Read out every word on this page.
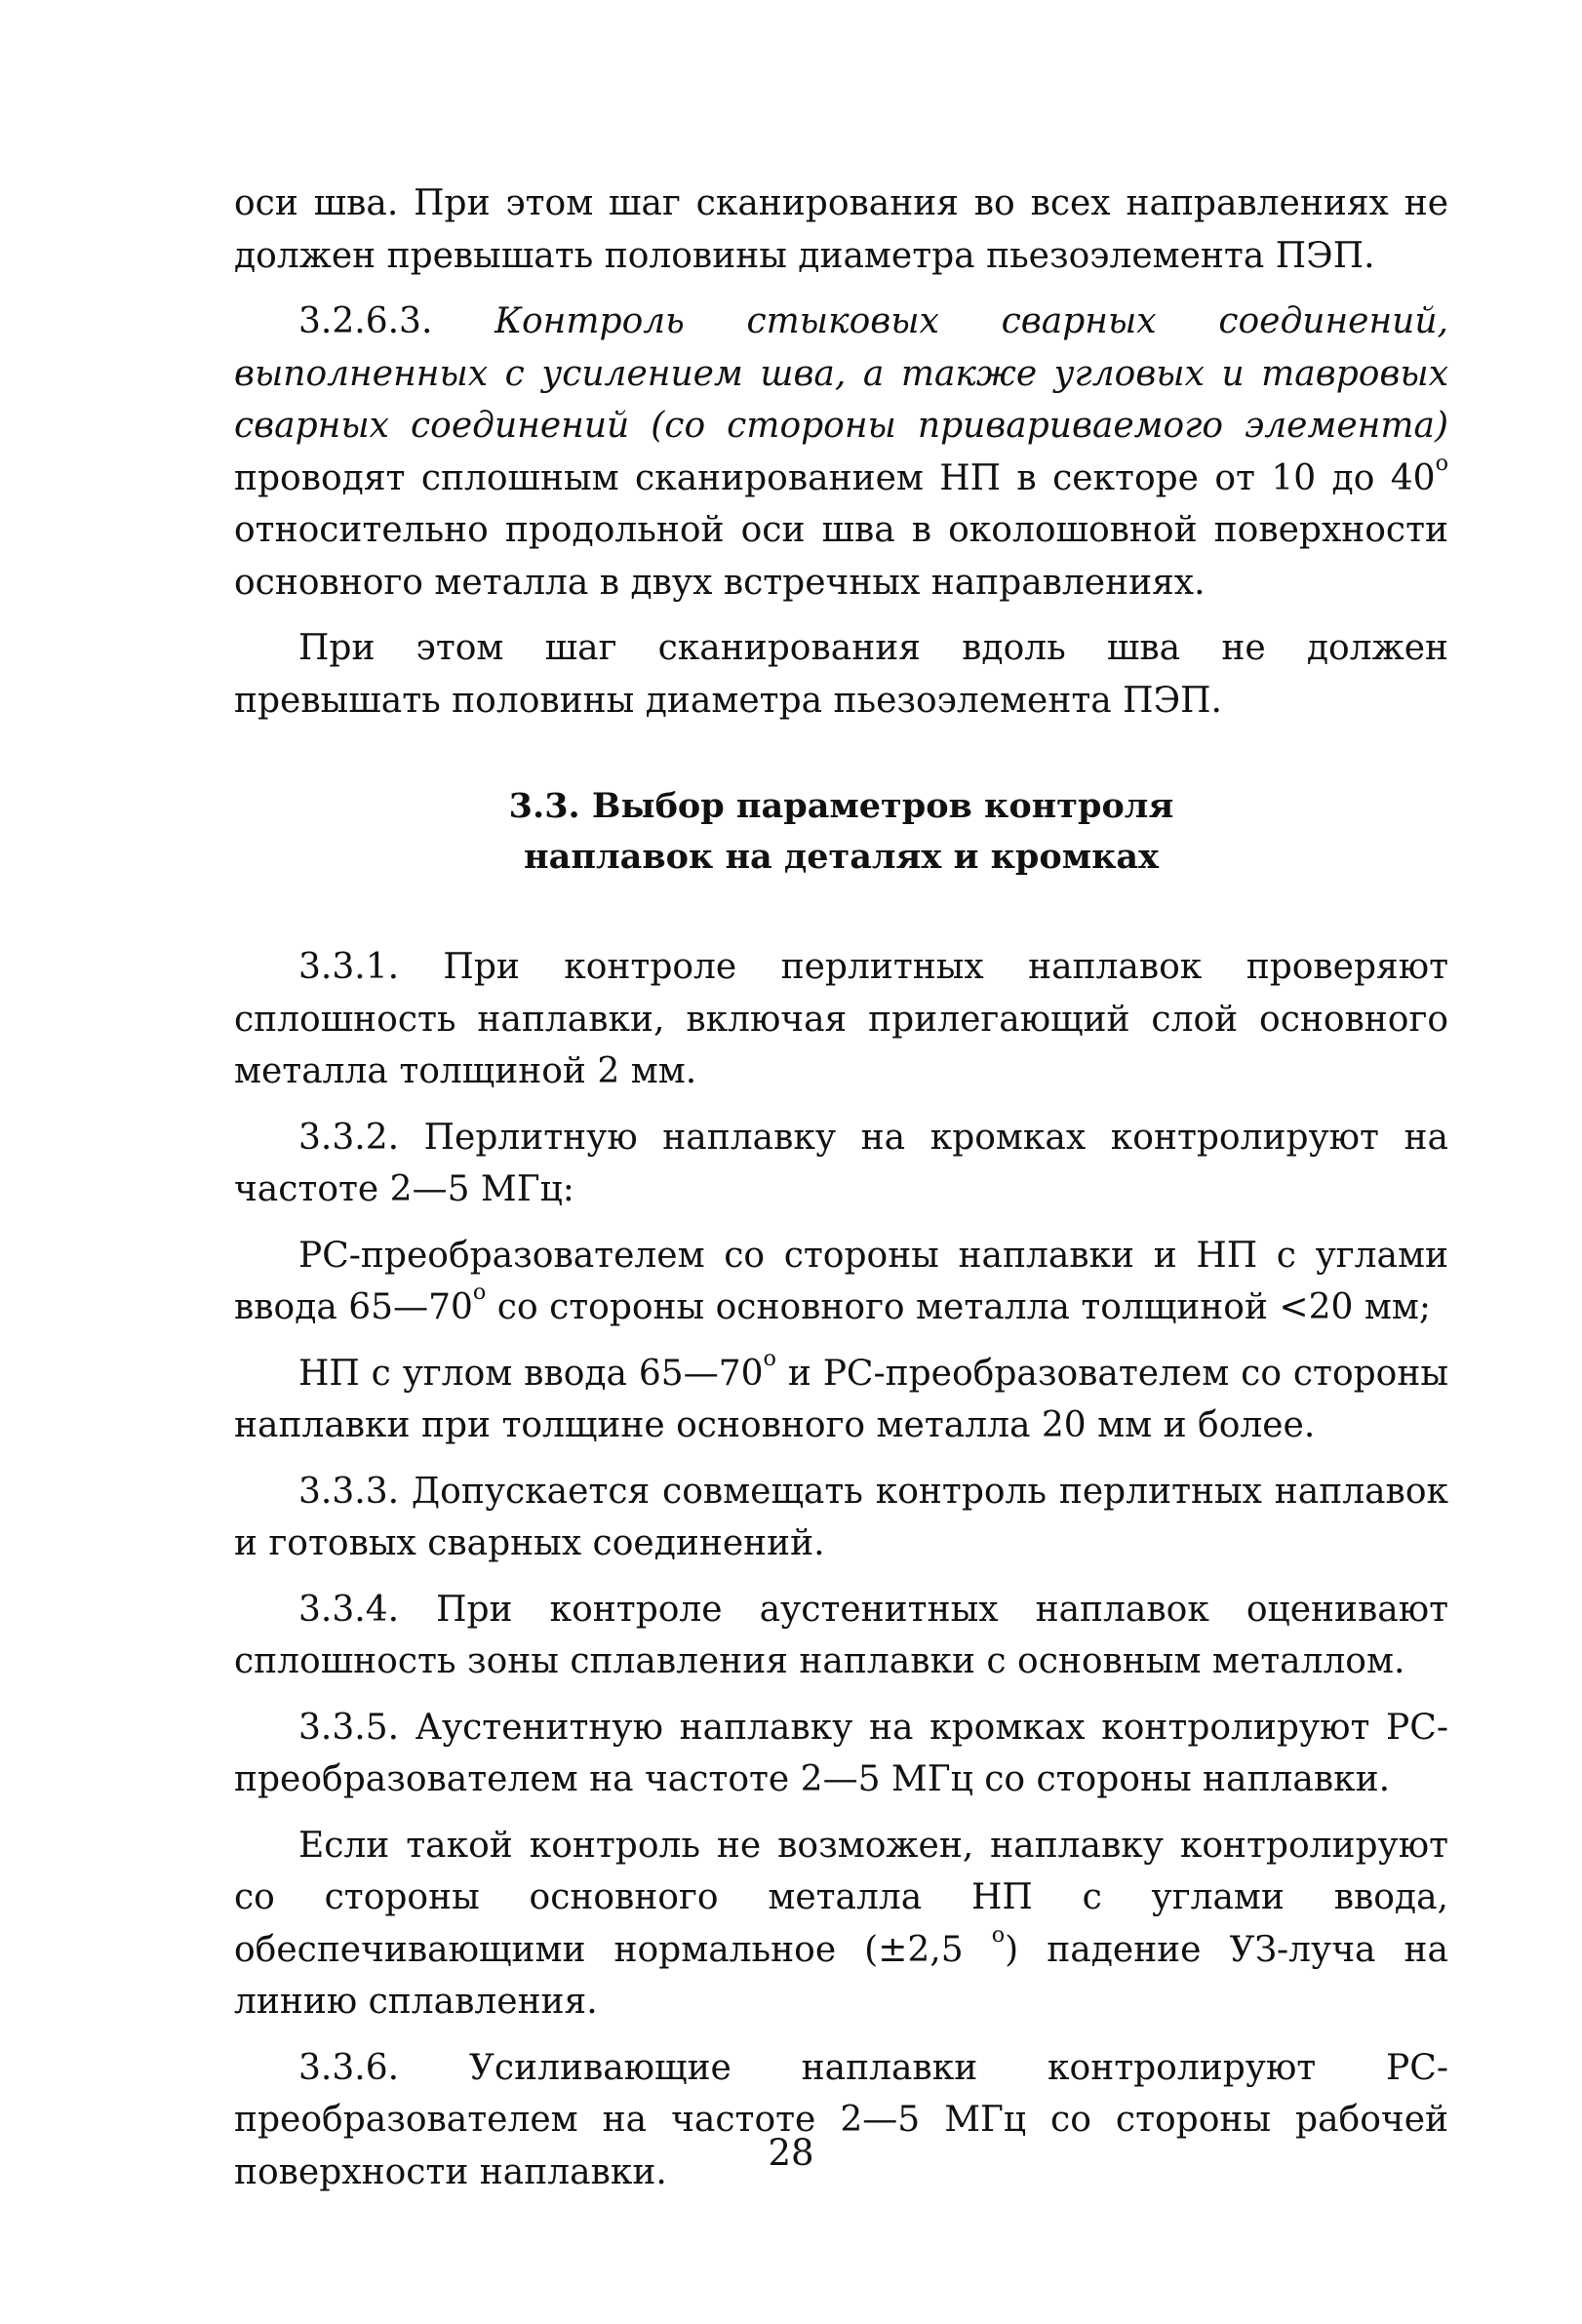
оси шва. При этом шаг сканирования во всех направлениях не должен превышать половины диаметра пьезоэлемента ПЭП.

3.2.6.3. Контроль стыковых сварных соединений, выполненных с усилением шва, а также угловых и тавровых сварных соединений (со стороны привариваемого элемента) проводят сплошным сканированием НП в секторе от 10 до $40^о$ относительно продольной оси шва в околошовной поверхности основного металла в двух встречных направлениях.

При этом шаг сканирования вдоль шва не должен превышать половины диаметра пьезоэлемента ПЭП.

3.3. Выбор параметров контроля
наплавок на деталях и кромках

3.3.1. При контроле перлитных наплавок проверяют сплошность наплавки, включая прилегающий слой основного металла толщиной 2 мм.

3.3.2. Перлитную наплавку на кромках контролируют на частоте 2—5 МГц:

РС-преобразователем со стороны наплавки и НП с углами ввода $65—70^о$ со стороны основного металла толщиной <20 мм;

НП с углом ввода $65—70^о$ и РС-преобразователем со стороны наплавки при толщине основного металла 20 мм и более.

3.3.3. Допускается совмещать контроль перлитных наплавок и готовых сварных соединений.

3.3.4. При контроле аустенитных наплавок оценивают сплошность зоны сплавления наплавки с основным металлом.

3.3.5. Аустенитную наплавку на кромках контролируют РС-преобразователем на частоте 2—5 МГц со стороны наплавки.

Если такой контроль не возможен, наплавку контролируют со стороны основного металла НП с углами ввода, обеспечивающими нормальное (±2,5 $^о$) падение УЗ-луча на линию сплавления.

3.3.6. Усиливающие наплавки контролируют РС-преобразователем на частоте 2—5 МГц со стороны рабочей поверхности наплавки.	28
